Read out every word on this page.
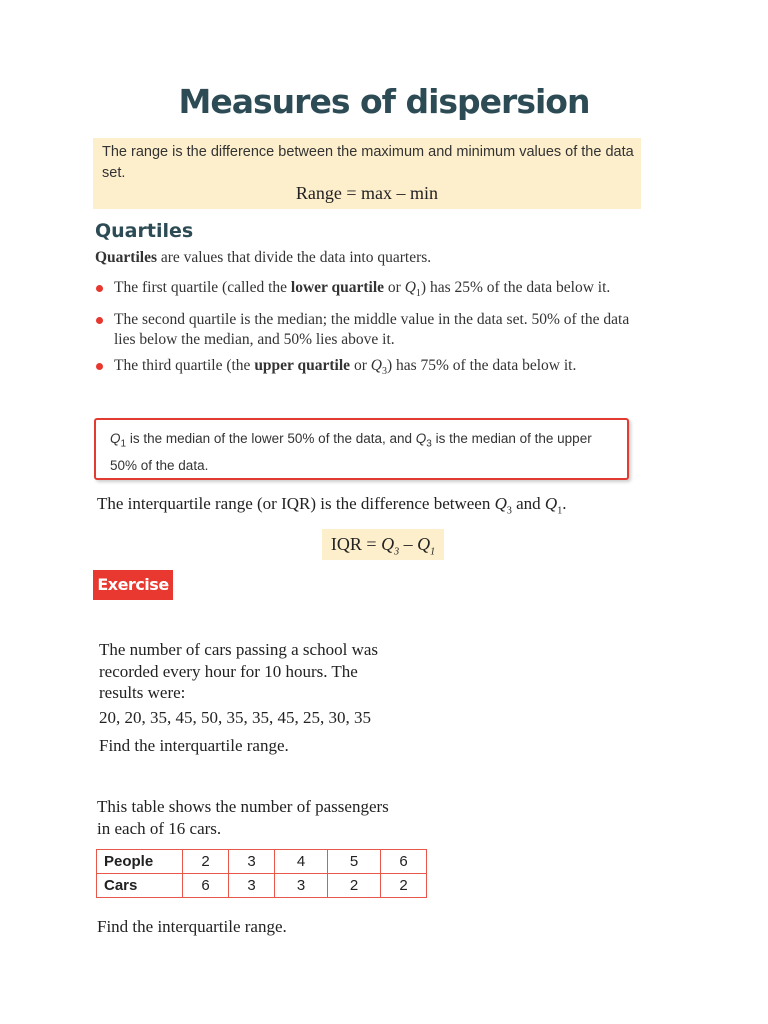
Measures of dispersion
The range is the difference between the maximum and minimum values of the data set.
Range = max – min
Quartiles
Quartiles are values that divide the data into quarters.
The first quartile (called the lower quartile or $Q_1$) has 25% of the data below it.
The second quartile is the median; the middle value in the data set. 50% of the data lies below the median, and 50% lies above it.
The third quartile (the upper quartile or $Q_3$) has 75% of the data below it.
$Q_1$ is the median of the lower 50% of the data, and $Q_3$ is the median of the upper 50% of the data.
The interquartile range (or IQR) is the difference between $Q_3$ and $Q_1$.
IQR = $Q_3 - Q_1$
Exercise
The number of cars passing a school was
recorded every hour for 10 hours. The
results were:
20, 20, 35, 45, 50, 35, 35, 45, 25, 30, 35
Find the interquartile range.
This table shows the number of passengers
in each of 16 cars.
People	2	3	4	5	6
Cars	6	3	3	2	2
Find the interquartile range.
